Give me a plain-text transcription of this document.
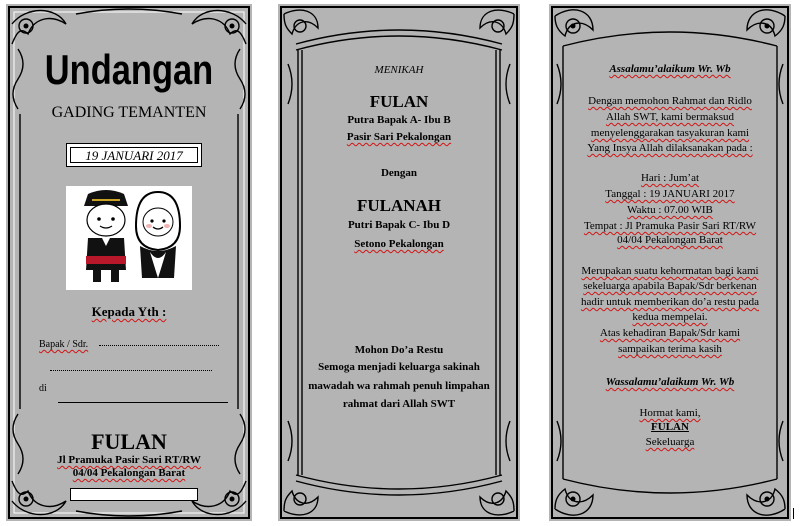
Undangan
GADING TEMANTEN
19 JANUARI 2017
Kepada Yth :
Bapak / Sdr.
di
FULAN
Jl Pramuka Pasir Sari RT/RW
04/04 Pekalongan Barat
MENIKAH
FULAN
Putra Bapak A- Ibu B
Pasir Sari Pekalongan
Dengan
FULANAH
Putri Bapak C- Ibu D
Setono Pekalongan
Mohon Do’a Restu
Semoga menjadi keluarga sakinah
mawadah wa rahmah penuh limpahan
rahmat dari Allah SWT
Assalamu’alaikum Wr. Wb
Dengan memohon Rahmat dan Ridlo
Allah SWT, kami bermaksud
menyelenggarakan tasyakuran kami
Yang Insya Allah dilaksanakan pada :
Hari : Jum’at
Tanggal : 19 JANUARI 2017
Waktu : 07.00 WIB
Tempat : Jl Pramuka Pasir Sari RT/RW
04/04 Pekalongan Barat
Merupakan suatu kehormatan bagi kami
sekeluarga apabila Bapak/Sdr berkenan
hadir untuk memberikan do’a restu pada
kedua mempelai.
Atas kehadiran Bapak/Sdr kami
sampaikan terima kasih
Wassalamu’alaikum Wr. Wb
Hormat kami,
FULAN
Sekeluarga
